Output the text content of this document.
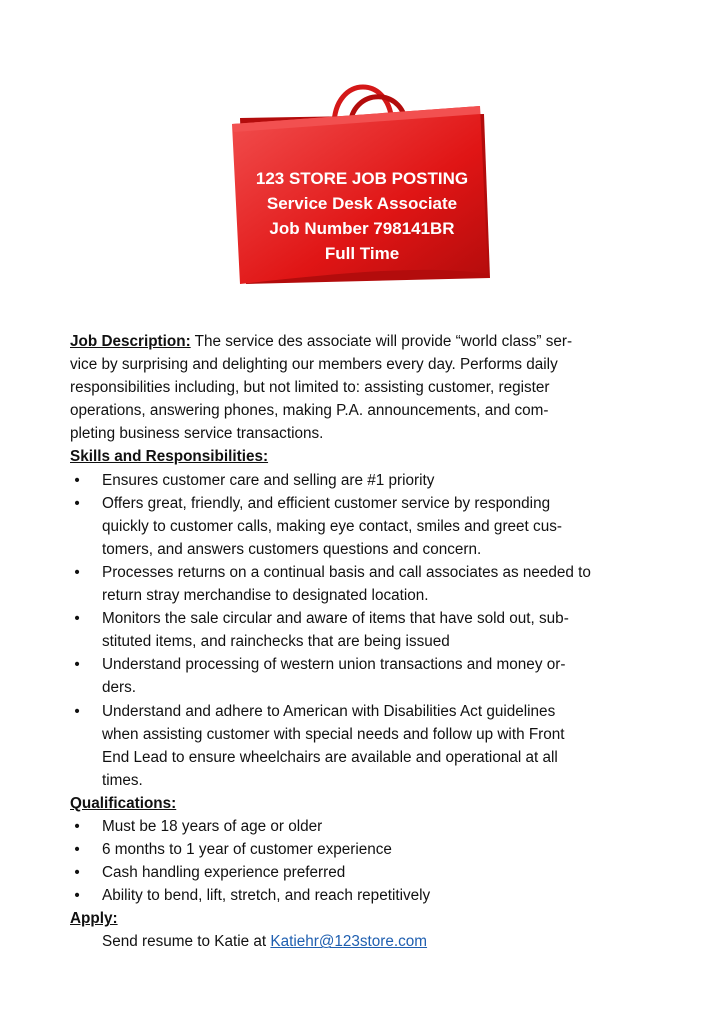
123 STORE JOB POSTING
Service Desk Associate
Job Number 798141BR
Full Time
Job Description: The service des associate will provide “world class” ser-
vice by surprising and delighting our members every day. Performs daily
responsibilities including, but not limited to: assisting customer, register
operations, answering phones, making P.A. announcements, and com-
pleting business service transactions.
Skills and Responsibilities:
• Ensures customer care and selling are #1 priority
• Offers great, friendly, and efficient customer service by responding
quickly to customer calls, making eye contact, smiles and greet cus-
tomers, and answers customers questions and concern.
• Processes returns on a continual basis and call associates as needed to
return stray merchandise to designated location.
• Monitors the sale circular and aware of items that have sold out, sub-
stituted items, and rainchecks that are being issued
• Understand processing of western union transactions and money or-
ders.
• Understand and adhere to American with Disabilities Act guidelines
when assisting customer with special needs and follow up with Front
End Lead to ensure wheelchairs are available and operational at all
times.
Qualifications:
• Must be 18 years of age or older
• 6 months to 1 year of customer experience
• Cash handling experience preferred
• Ability to bend, lift, stretch, and reach repetitively
Apply:
Send resume to Katie at Katiehr@123store.com
